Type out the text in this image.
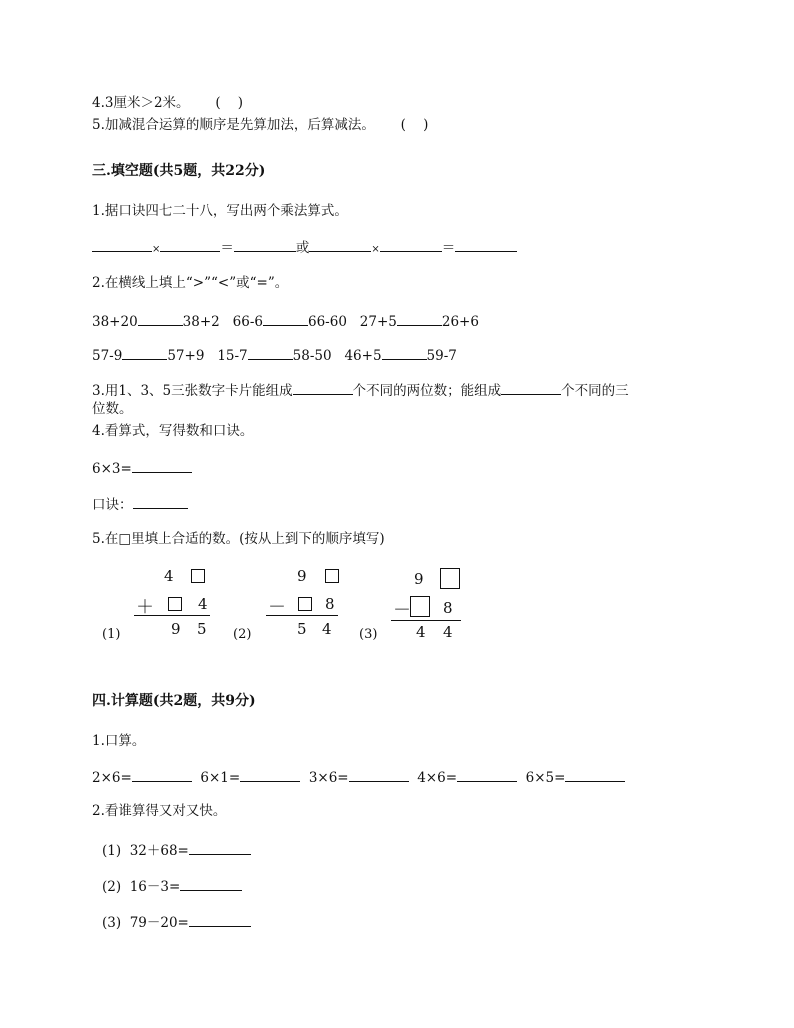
4.3厘米＞2米。 (    )
5.加减混合运算的顺序是先算加法，后算减法。 (    )
三.填空题(共5题，共22分)
1.据口诀四七二十八，写出两个乘法算式。
×	＝	或	×	＝
2.在横线上填上“>”“<”或“=”。
38+20	38+2 66-6	66-60 27+5	26+6
57-9	57+9 15-7	58-50 46+5	59-7
3.用1、3、5三张数字卡片能组成	个不同的两位数；能组成	个不同的三
位数。
4.看算式，写得数和口诀。
6×3=
口诀：
5.在□里填上合适的数。(按从上到下的顺序填写)
4
＋	4
(1)	9 5
9
－	8
(2)	5 4
9
－ 8
(3)	4 4
四.计算题(共2题，共9分)
1.口算。
2×6=	6×1=	3×6=	4×6=	6×5=
2.看谁算得又对又快。
(1)  32＋68=
(2)  16－3=
(3)  79－20=
